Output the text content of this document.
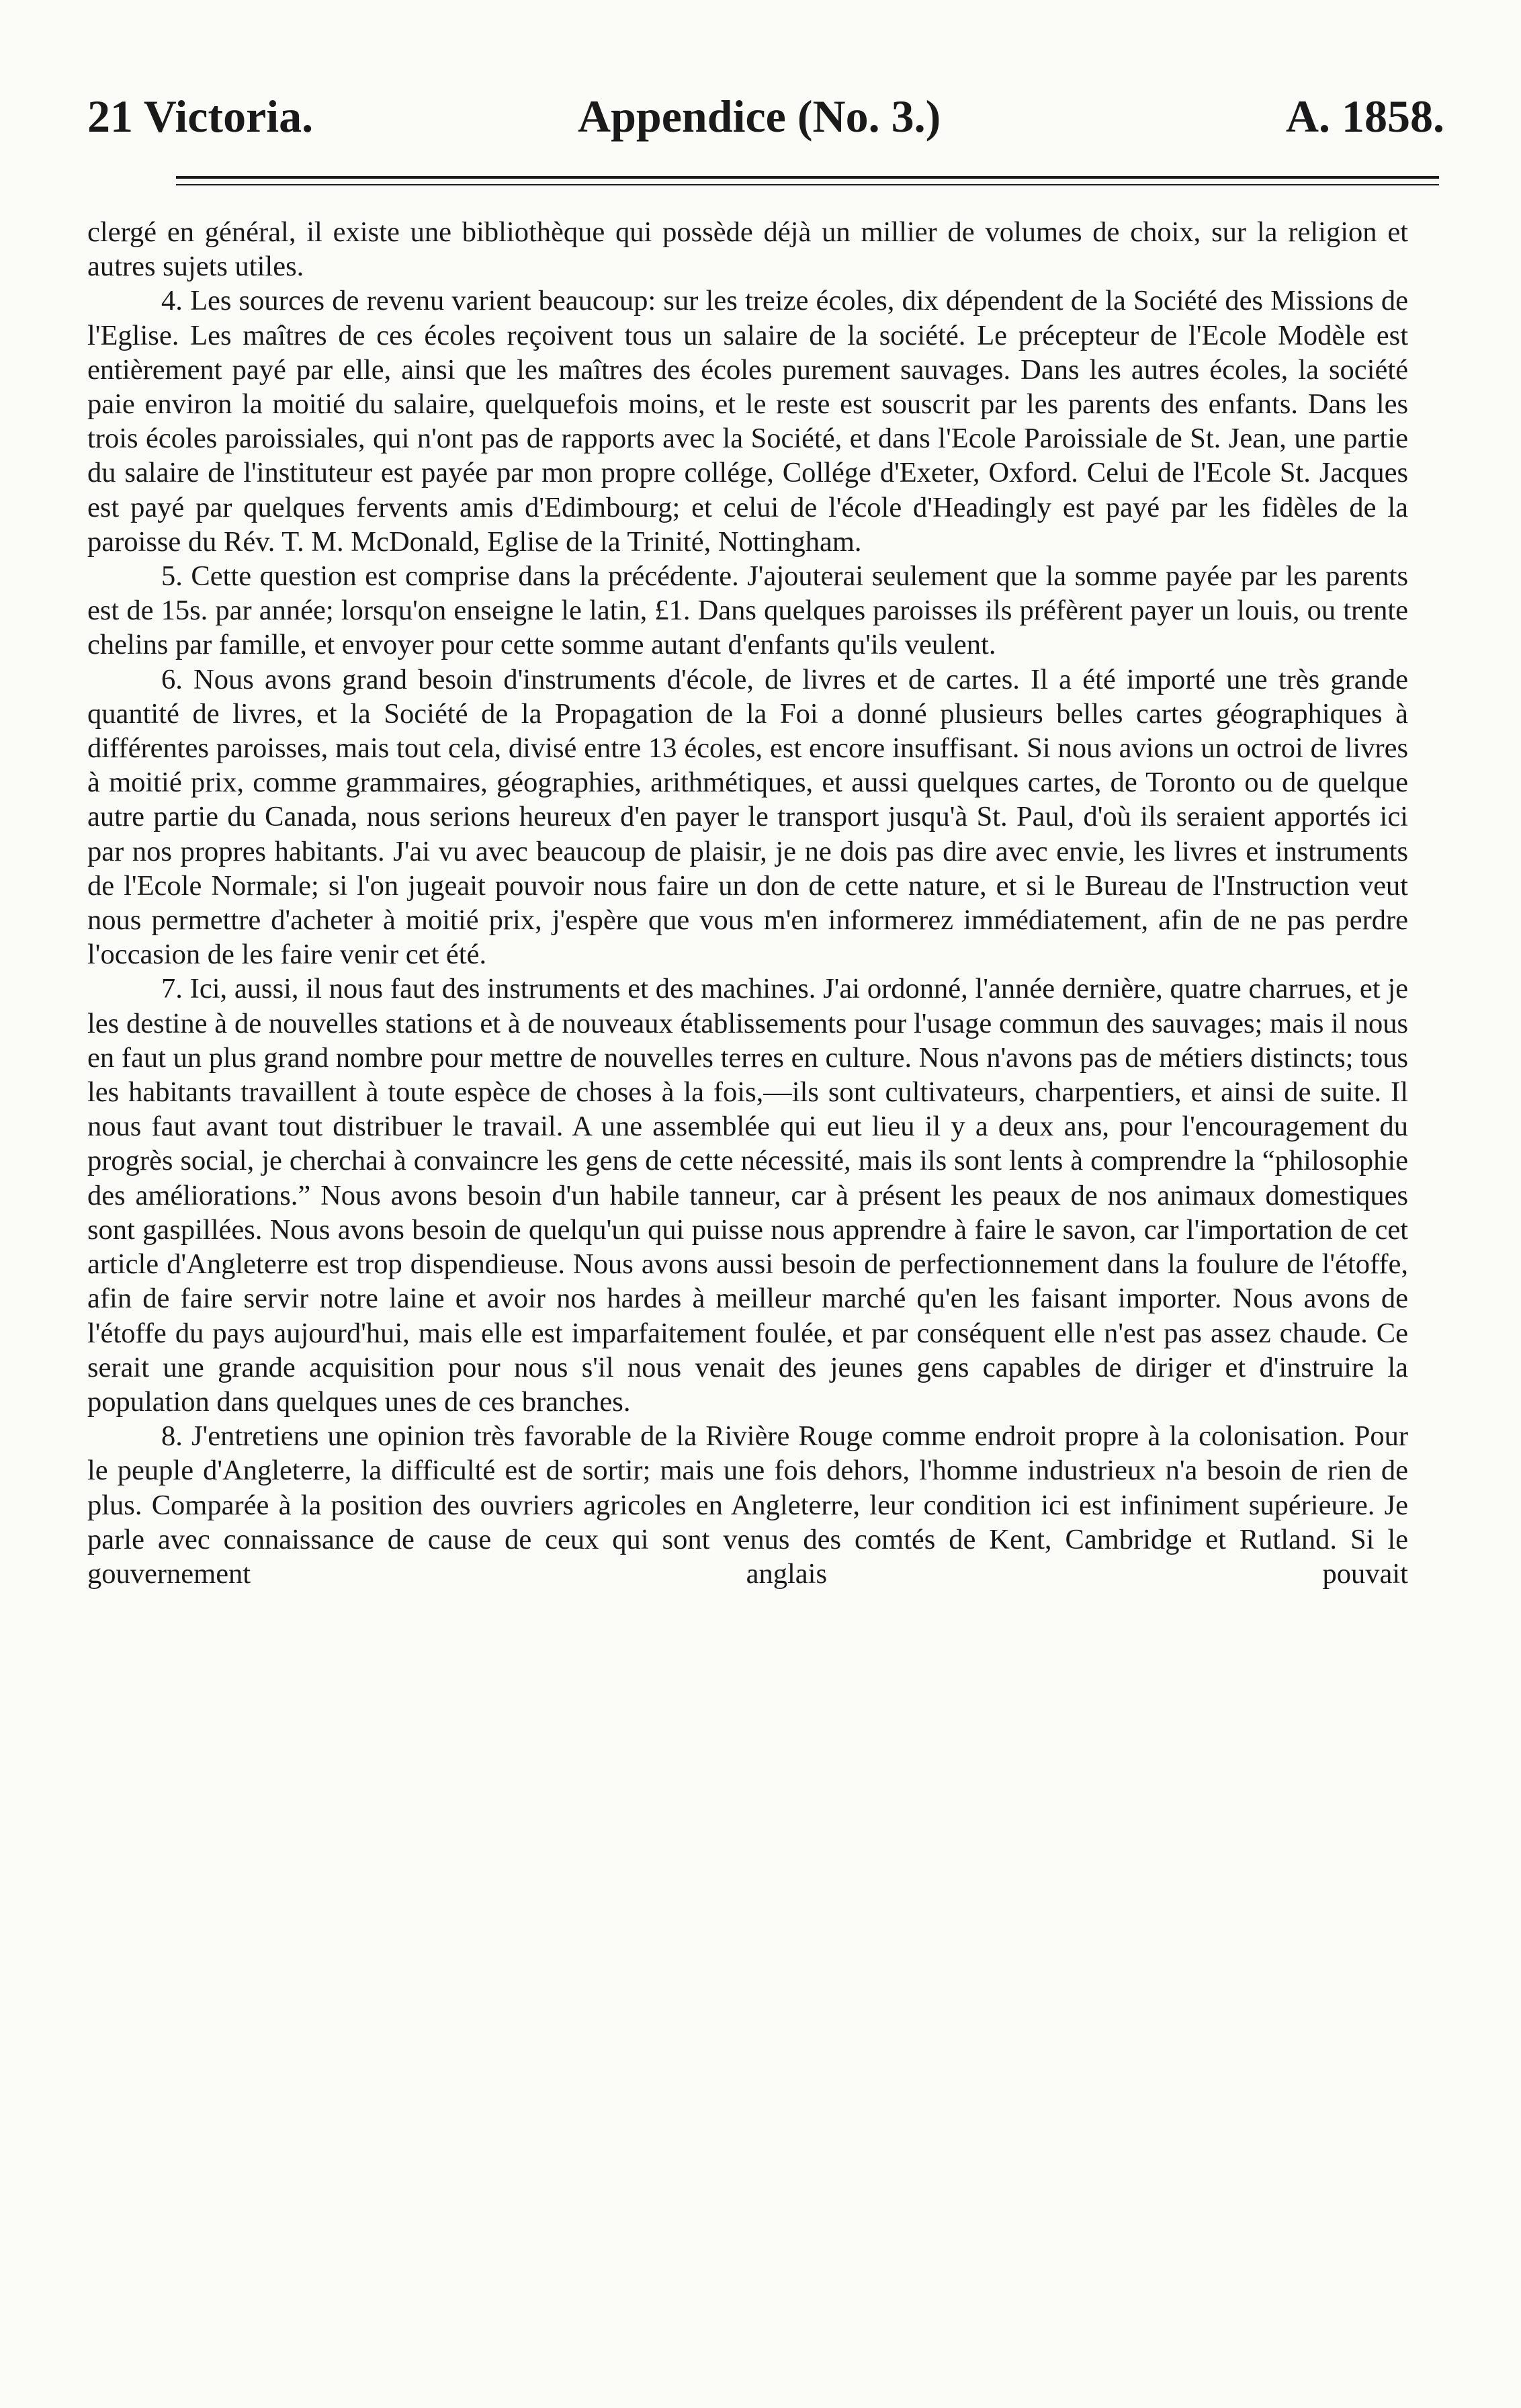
21 Victoria.	Appendice (No. 3.)	A. 1858.

clergé en général, il existe une bibliothèque qui possède déjà un millier de volumes de choix, sur la religion et autres sujets utiles.

4. Les sources de revenu varient beaucoup: sur les treize écoles, dix dépendent de la Société des Missions de l'Eglise. Les maîtres de ces écoles reçoivent tous un salaire de la société. Le précepteur de l'Ecole Modèle est entièrement payé par elle, ainsi que les maîtres des écoles purement sauvages. Dans les autres écoles, la société paie environ la moitié du salaire, quelquefois moins, et le reste est souscrit par les parents des enfants. Dans les trois écoles paroissiales, qui n'ont pas de rapports avec la Société, et dans l'Ecole Paroissiale de St. Jean, une partie du salaire de l'instituteur est payée par mon propre collége, Collége d'Exeter, Oxford. Celui de l'Ecole St. Jacques est payé par quelques fervents amis d'Edimbourg; et celui de l'école d'Headingly est payé par les fidèles de la paroisse du Rév. T. M. McDonald, Eglise de la Trinité, Nottingham.

5. Cette question est comprise dans la précédente. J'ajouterai seulement que la somme payée par les parents est de 15s. par année; lorsqu'on enseigne le latin, £1. Dans quelques paroisses ils préfèrent payer un louis, ou trente chelins par famille, et envoyer pour cette somme autant d'enfants qu'ils veulent.

6. Nous avons grand besoin d'instruments d'école, de livres et de cartes. Il a été importé une très grande quantité de livres, et la Société de la Propagation de la Foi a donné plusieurs belles cartes géographiques à différentes paroisses, mais tout cela, divisé entre 13 écoles, est encore insuffisant. Si nous avions un octroi de livres à moitié prix, comme grammaires, géographies, arithmétiques, et aussi quelques cartes, de Toronto ou de quelque autre partie du Canada, nous serions heureux d'en payer le transport jusqu'à St. Paul, d'où ils seraient apportés ici par nos propres habitants. J'ai vu avec beaucoup de plaisir, je ne dois pas dire avec envie, les livres et instruments de l'Ecole Normale; si l'on jugeait pouvoir nous faire un don de cette nature, et si le Bureau de l'Instruction veut nous permettre d'acheter à moitié prix, j'espère que vous m'en informerez immédiatement, afin de ne pas perdre l'occasion de les faire venir cet été.

7. Ici, aussi, il nous faut des instruments et des machines. J'ai ordonné, l'année dernière, quatre charrues, et je les destine à de nouvelles stations et à de nouveaux établissements pour l'usage commun des sauvages; mais il nous en faut un plus grand nombre pour mettre de nouvelles terres en culture. Nous n'avons pas de métiers distincts; tous les habitants travaillent à toute espèce de choses à la fois,—ils sont cultivateurs, charpentiers, et ainsi de suite. Il nous faut avant tout distribuer le travail. A une assemblée qui eut lieu il y a deux ans, pour l'encouragement du progrès social, je cherchai à convaincre les gens de cette nécessité, mais ils sont lents à comprendre la “philosophie des améliorations.” Nous avons besoin d'un habile tanneur, car à présent les peaux de nos animaux domestiques sont gaspillées. Nous avons besoin de quelqu'un qui puisse nous apprendre à faire le savon, car l'importation de cet article d'Angleterre est trop dispendieuse. Nous avons aussi besoin de perfectionnement dans la foulure de l'étoffe, afin de faire servir notre laine et avoir nos hardes à meilleur marché qu'en les faisant importer. Nous avons de l'étoffe du pays aujourd'hui, mais elle est imparfaitement foulée, et par conséquent elle n'est pas assez chaude. Ce serait une grande acquisition pour nous s'il nous venait des jeunes gens capables de diriger et d'instruire la population dans quelques unes de ces branches.

8. J'entretiens une opinion très favorable de la Rivière Rouge comme endroit propre à la colonisation. Pour le peuple d'Angleterre, la difficulté est de sortir; mais une fois dehors, l'homme industrieux n'a besoin de rien de plus. Comparée à la position des ouvriers agricoles en Angleterre, leur condition ici est infiniment supérieure. Je parle avec connaissance de cause de ceux qui sont venus des comtés de Kent, Cambridge et Rutland. Si le gouvernement anglais pouvait
